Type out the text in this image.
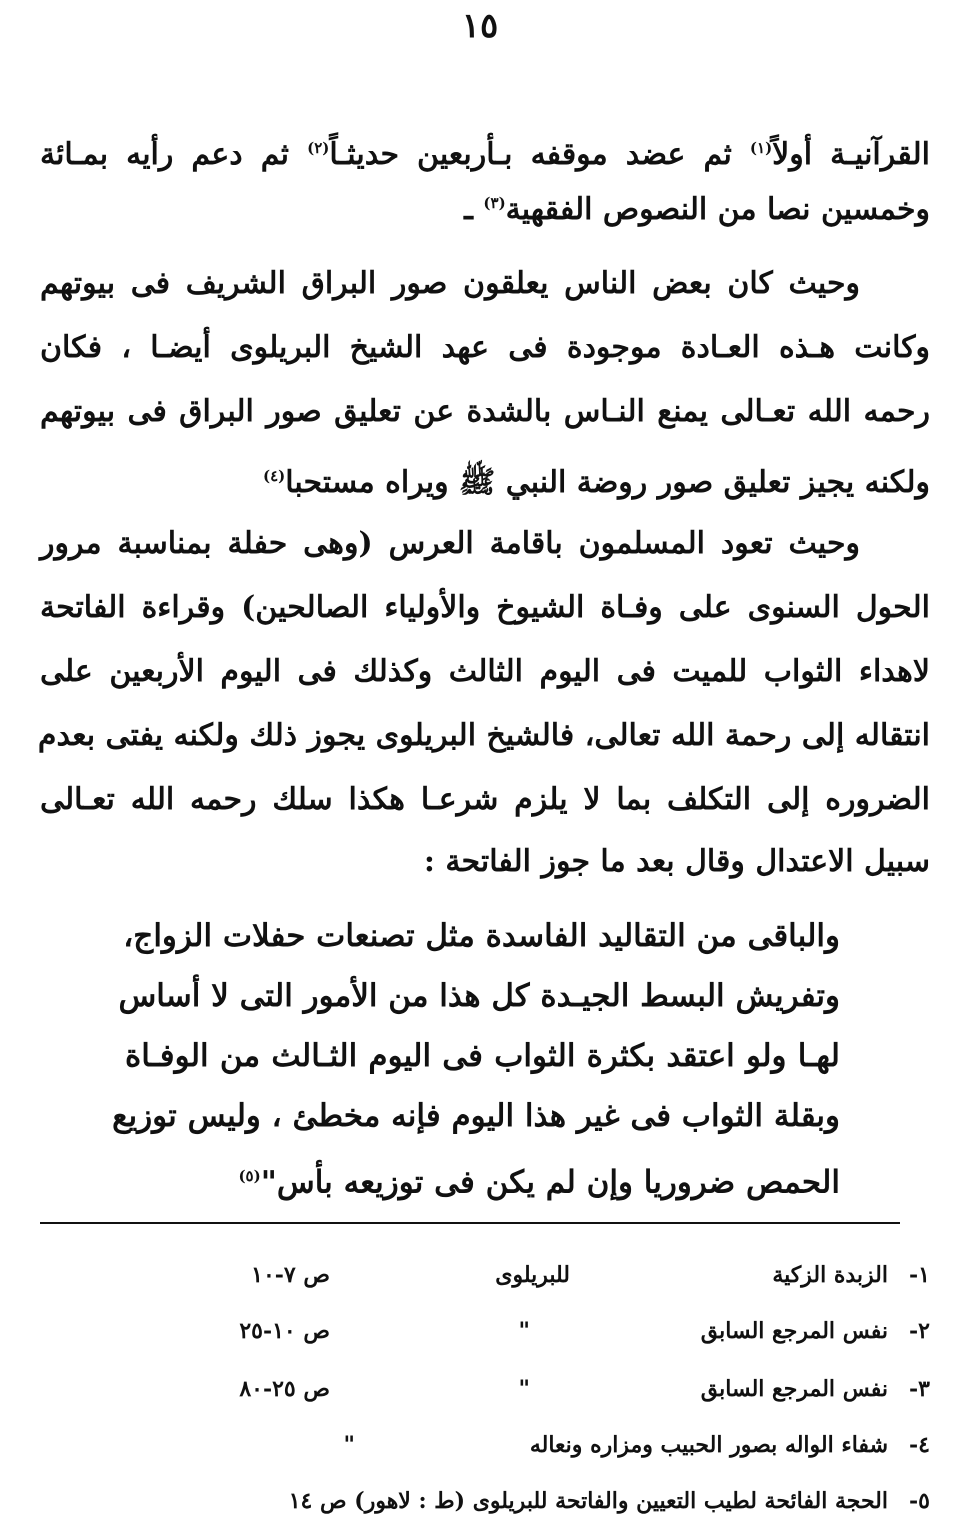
١٥
القرآنيـة أولاً$^{(١)}$ ثم عضد موقفه بـأربعين حديثـاً$^{(٢)}$ ثم دعم رأيه بمـائة
وخمسين نصا من النصوص الفقهية$^{(٣)}$ ـ
وحيث كان بعض الناس يعلقون صور البراق الشريف فى بيوتهم
وكانت هـذه العـادة موجودة فى عهد الشيخ البريلوى أيضـا ، فكان
رحمه الله تعـالى يمنع النـاس بالشدة عن تعليق صور البراق فى بيوتهم
ولكنه يجيز تعليق صور روضة النبي ﷺ ويراه مستحبا$^{(٤)}$
وحيث تعود المسلمون باقامة العرس (وهى حفلة بمناسبة مرور
الحول السنوى على وفـاة الشيوخ والأولياء الصالحين) وقراءة الفاتحة
لاهداء الثواب للميت فى اليوم الثالث وكذلك فى اليوم الأربعين على
انتقاله إلى رحمة الله تعالى، فالشيخ البريلوى يجوز ذلك ولكنه يفتى بعدم
الضروره إلى التكلف بما لا يلزم شرعـا هكذا سلك رحمه الله تعـالى
سبيل الاعتدال وقال بعد ما جوز الفاتحة :
والباقى من التقاليد الفاسدة مثل تصنعات حفلات الزواج،
وتفريش البسط الجيـدة كل هذا من الأمور التى لا أساس
لهـا ولو اعتقد بكثرة الثواب فى اليوم الثـالث من الوفـاة
وبقلة الثواب فى غير هذا اليوم فإنه مخطئ ، وليس توزيع
الحمص ضروريا وإن لم يكن فى توزيعه بأس"$^{(٥)}$
١-
الزبدة الزكية
للبريلوى
ص ٧-١٠
٢-
نفس المرجع السابق
"
ص ١٠-٢٥
٣-
نفس المرجع السابق
"
ص ٢٥-٨٠
٤-
شفاء الواله بصور الحبيب ومزاره ونعاله
"
٥-
الحجة الفائحة لطيب التعيين والفاتحة للبريلوى (ط : لاهور) ص ١٤
